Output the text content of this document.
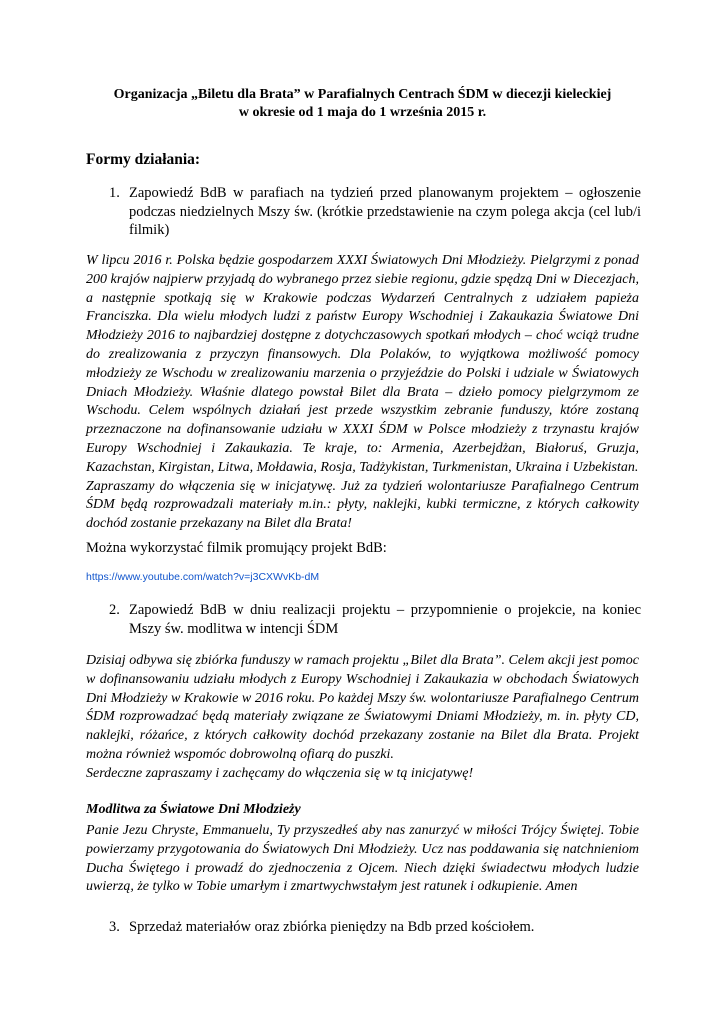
Organizacja „Biletu dla Brata” w Parafialnych Centrach ŚDM w diecezji kieleckiej
w okresie od 1 maja do 1 września 2015 r.
Formy działania:
1. Zapowiedź BdB w parafiach na tydzień przed planowanym projektem – ogłoszenie podczas niedzielnych Mszy św. (krótkie przedstawienie na czym polega akcja (cel lub/i filmik)

W lipcu 2016 r. Polska będzie gospodarzem XXXI Światowych Dni Młodzieży. Pielgrzymi z ponad 200 krajów najpierw przyjadą do wybranego przez siebie regionu, gdzie spędzą Dni w Diecezjach, a następnie spotkają się w Krakowie podczas Wydarzeń Centralnych z udziałem papieża Franciszka. Dla wielu młodych ludzi z państw Europy Wschodniej i Zakaukazia Światowe Dni Młodzieży 2016 to najbardziej dostępne z dotychczasowych spotkań młodych – choć wciąż trudne do zrealizowania z przyczyn finansowych. Dla Polaków, to wyjątkowa możliwość pomocy młodzieży ze Wschodu w zrealizowaniu marzenia o przyjeździe do Polski i udziale w Światowych Dniach Młodzieży. Właśnie dlatego powstał Bilet dla Brata – dzieło pomocy pielgrzymom ze Wschodu. Celem wspólnych działań jest przede wszystkim zebranie funduszy, które zostaną przeznaczone na dofinansowanie udziału w XXXI ŚDM w Polsce młodzieży z trzynastu krajów Europy Wschodniej i Zakaukazia. Te kraje, to: Armenia, Azerbejdżan, Białoruś, Gruzja, Kazachstan, Kirgistan, Litwa, Mołdawia, Rosja, Tadżykistan, Turkmenistan, Ukraina i Uzbekistan.

Zapraszamy do włączenia się w inicjatywę. Już za tydzień wolontariusze Parafialnego Centrum ŚDM będą rozprowadzali materiały m.in.: płyty, naklejki, kubki termiczne, z których całkowity dochód zostanie przekazany na Bilet dla Brata!

Można wykorzystać filmik promujący projekt BdB:
https://www.youtube.com/watch?v=j3CXWvKb-dM
2. Zapowiedź BdB w dniu realizacji projektu – przypomnienie o projekcie, na koniec Mszy św. modlitwa w intencji ŚDM

Dzisiaj odbywa się zbiórka funduszy w ramach projektu „Bilet dla Brata”. Celem akcji jest pomoc w dofinansowaniu udziału młodych z Europy Wschodniej i Zakaukazia w obchodach Światowych Dni Młodzieży w Krakowie w 2016 roku. Po każdej Mszy św. wolontariusze Parafialnego Centrum ŚDM rozprowadzać będą materiały związane ze Światowymi Dniami Młodzieży, m. in. płyty CD, naklejki, różańce, z których całkowity dochód przekazany zostanie na Bilet dla Brata. Projekt można również wspomóc dobrowolną ofiarą do puszki.

Serdeczne zapraszamy i zachęcamy do włączenia się w tą inicjatywę!

Modlitwa za Światowe Dni Młodzieży

Panie Jezu Chryste, Emmanuelu, Ty przyszedłeś aby nas zanurzyć w miłości Trójcy Świętej. Tobie powierzamy przygotowania do Światowych Dni Młodzieży. Ucz nas poddawania się natchnieniom Ducha Świętego i prowadź do zjednoczenia z Ojcem. Niech dzięki świadectwu młodych ludzie uwierzą, że tylko w Tobie umarłym i zmartwychwstałym jest ratunek i odkupienie. Amen

3. Sprzedaż materiałów oraz zbiórka pieniędzy na Bdb przed kościołem.
